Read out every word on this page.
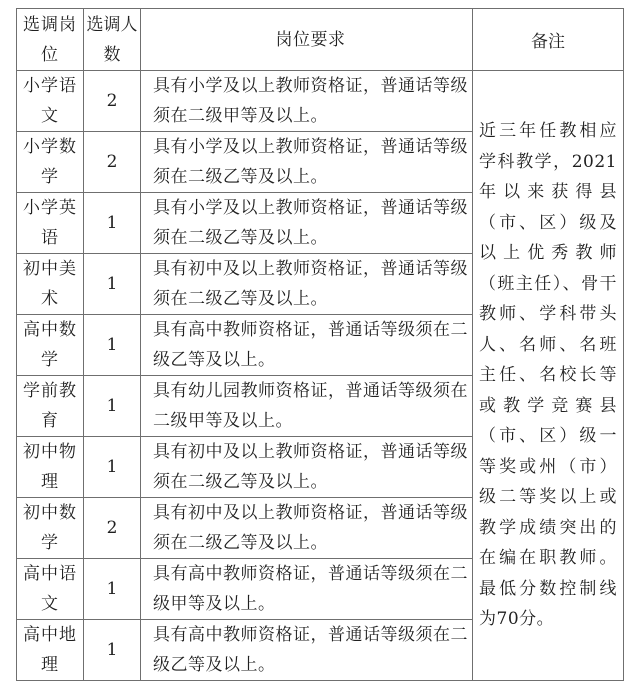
选调岗位	选调人数	岗位要求	备注
小学语文	2	具有小学及以上教师资格证，普通话等级须在二级甲等及以上。	近三年任教相应学科教学，2021年以来获得县（市、区）级及以上优秀教师（班主任）、骨干教师、学科带头人、名师、名班主任、名校长等或教学竞赛县（市、区）级一等奖或州（市）级二等奖以上或教学成绩突出的在编在职教师。最低分数控制线为70分。
小学数学	2	具有小学及以上教师资格证，普通话等级须在二级乙等及以上。	
小学英语	1	具有小学及以上教师资格证，普通话等级须在二级乙等及以上。	
初中美术	1	具有初中及以上教师资格证，普通话等级须在二级乙等及以上。	
高中数学	1	具有高中教师资格证，普通话等级须在二级乙等及以上。	
学前教育	1	具有幼儿园教师资格证，普通话等级须在二级甲等及以上。	
初中物理	1	具有初中及以上教师资格证，普通话等级须在二级乙等及以上。	
初中数学	2	具有初中及以上教师资格证，普通话等级须在二级乙等及以上。	
高中语文	1	具有高中教师资格证，普通话等级须在二级甲等及以上。	
高中地理	1	具有高中教师资格证，普通话等级须在二级乙等及以上。	
